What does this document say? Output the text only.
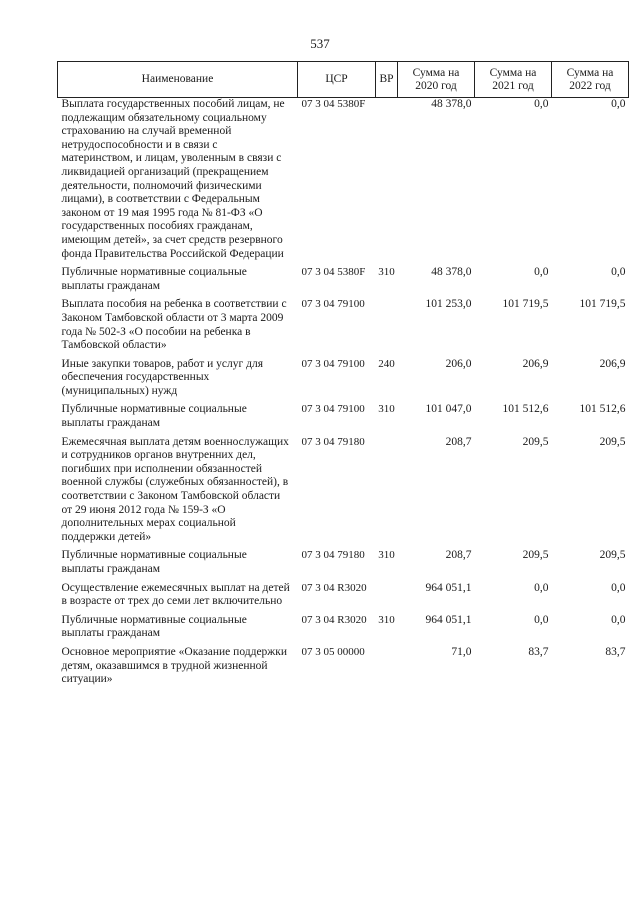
537
Наименование	ЦСР	ВР	Сумма на 2020 год	Сумма на 2021 год	Сумма на 2022 год
Выплата государственных пособий лицам, не подлежащим обязательному социальному страхованию на случай временной нетрудоспособности и в связи с материнством, и лицам, уволенным в связи с ликвидацией организаций (прекращением деятельности, полномочий физическими лицами), в соответствии с Федеральным законом от 19 мая 1995 года № 81-ФЗ «О государственных пособиях гражданам, имеющим детей», за счет средств резервного фонда Правительства Российской Федерации	07 3 04 5380F		48 378,0	0,0	0,0
Публичные нормативные социальные выплаты гражданам	07 3 04 5380F	310	48 378,0	0,0	0,0
Выплата пособия на ребенка в соответствии с Законом Тамбовской области от 3 марта 2009 года № 502-З «О пособии на ребенка в Тамбовской области»	07 3 04 79100		101 253,0	101 719,5	101 719,5
Иные закупки товаров, работ и услуг для обеспечения государственных (муниципальных) нужд	07 3 04 79100	240	206,0	206,9	206,9
Публичные нормативные социальные выплаты гражданам	07 3 04 79100	310	101 047,0	101 512,6	101 512,6
Ежемесячная выплата детям военнослужащих и сотрудников органов внутренних дел, погибших при исполнении обязанностей военной службы (служебных обязанностей), в соответствии с Законом Тамбовской области от 29 июня 2012 года № 159-З «О дополнительных мерах социальной поддержки детей»	07 3 04 79180		208,7	209,5	209,5
Публичные нормативные социальные выплаты гражданам	07 3 04 79180	310	208,7	209,5	209,5
Осуществление ежемесячных выплат на детей в возрасте от трех до семи лет включительно	07 3 04 R3020		964 051,1	0,0	0,0
Публичные нормативные социальные выплаты гражданам	07 3 04 R3020	310	964 051,1	0,0	0,0
Основное мероприятие «Оказание поддержки детям, оказавшимся в трудной жизненной ситуации»	07 3 05 00000		71,0	83,7	83,7
